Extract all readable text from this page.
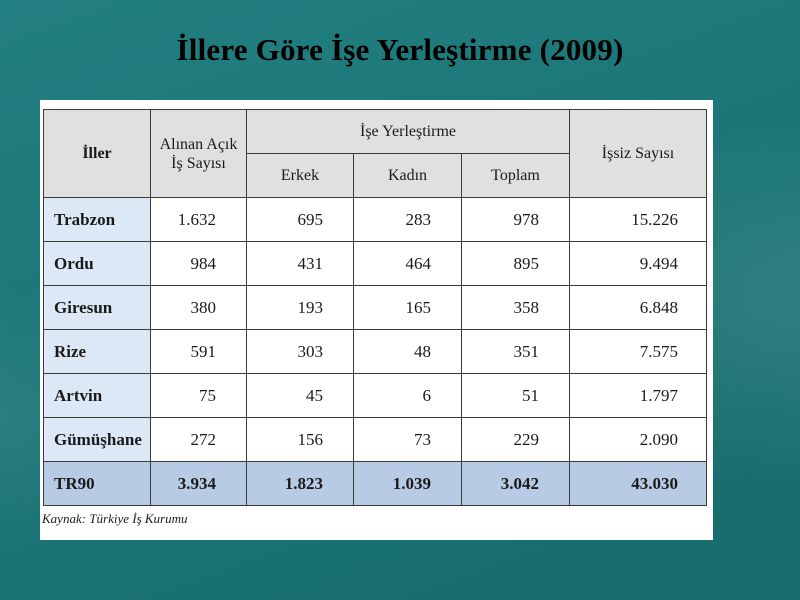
İllere Göre İşe Yerleştirme (2009)
İller	Alınan Açık İş Sayısı	İşe Yerleştirme			İşsiz Sayısı
		Erkek	Kadın	Toplam	
Trabzon	1.632	695	283	978	15.226
Ordu	984	431	464	895	9.494
Giresun	380	193	165	358	6.848
Rize	591	303	48	351	7.575
Artvin	75	45	6	51	1.797
Gümüşhane	272	156	73	229	2.090
TR90	3.934	1.823	1.039	3.042	43.030
Kaynak: Türkiye İş Kurumu
